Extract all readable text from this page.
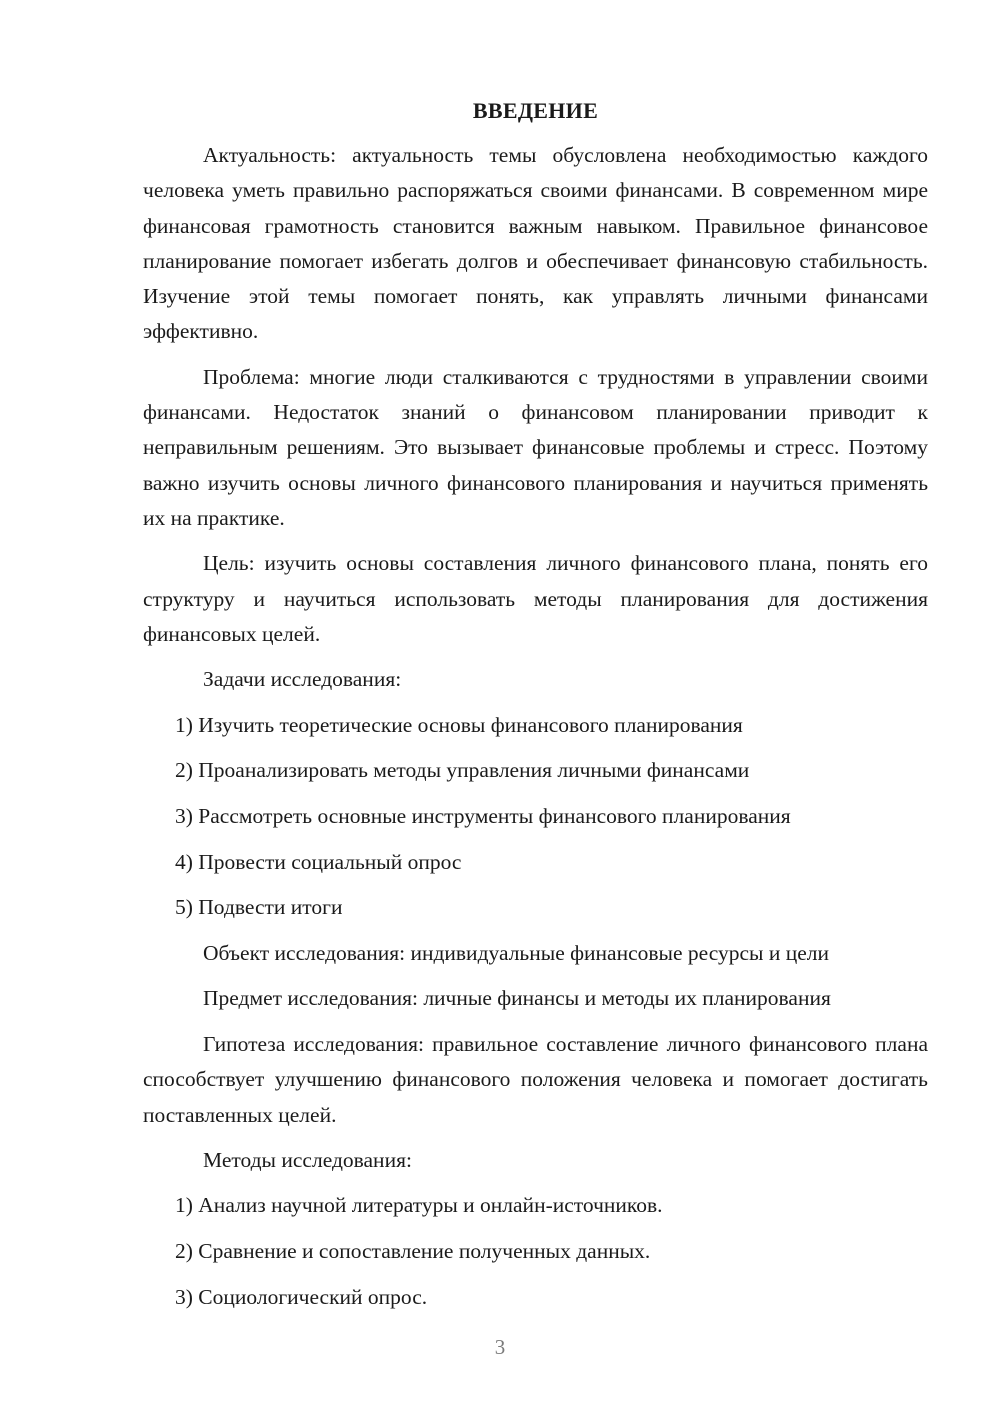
ВВЕДЕНИЕ

Актуальность: актуальность темы обусловлена необходимостью каждого человека уметь правильно распоряжаться своими финансами. В современном мире финансовая грамотность становится важным навыком. Правильное финансовое планирование помогает избегать долгов и обеспечивает финансовую стабильность. Изучение этой темы помогает понять, как управлять личными финансами эффективно.

Проблема: многие люди сталкиваются с трудностями в управлении своими финансами. Недостаток знаний о финансовом планировании приводит к неправильным решениям. Это вызывает финансовые проблемы и стресс. Поэтому важно изучить основы личного финансового планирования и научиться применять их на практике.

Цель: изучить основы составления личного финансового плана, понять его структуру и научиться использовать методы планирования для достижения финансовых целей.

Задачи исследования:
1) Изучить теоретические основы финансового планирования
2) Проанализировать методы управления личными финансами
3) Рассмотреть основные инструменты финансового планирования
4) Провести социальный опрос
5) Подвести итоги
Объект исследования: индивидуальные финансовые ресурсы и цели
Предмет исследования: личные финансы и методы их планирования

Гипотеза исследования: правильное составление личного финансового плана способствует улучшению финансового положения человека и помогает достигать поставленных целей.

Методы исследования:
1) Анализ научной литературы и онлайн-источников.
2) Сравнение и сопоставление полученных данных.
3) Социологический опрос.
3
